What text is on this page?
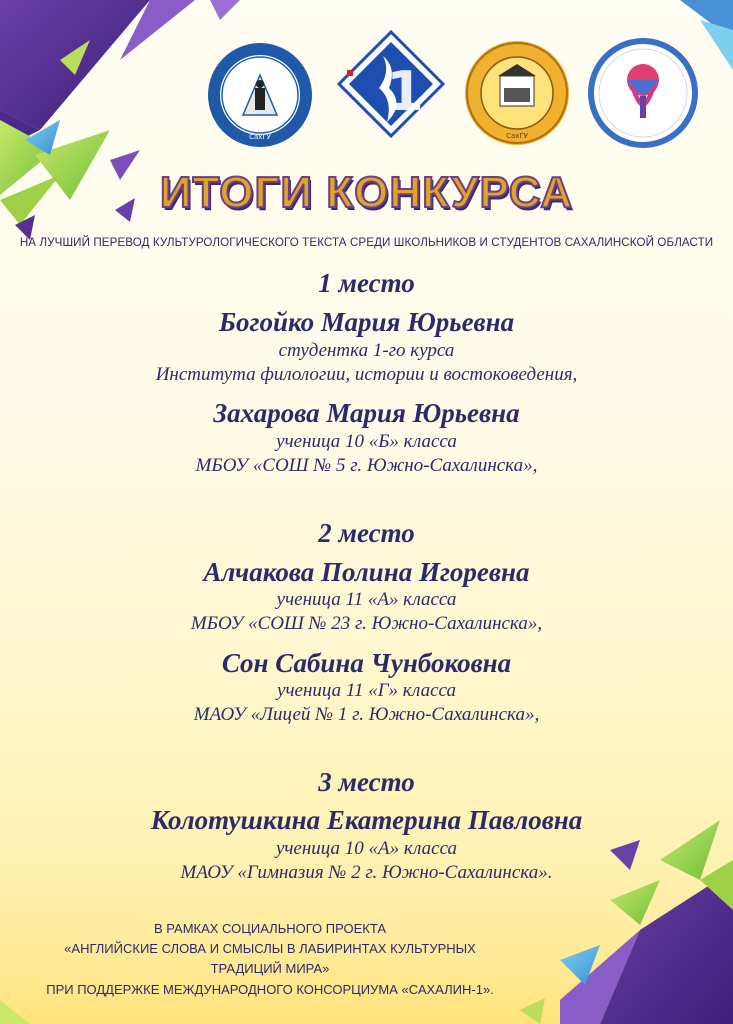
СахГУ
1
СахГУ
ИТОГИ КОНКУРСА
НА ЛУЧШИЙ ПЕРЕВОД КУЛЬТУРОЛОГИЧЕСКОГО ТЕКСТА СРЕДИ ШКОЛЬНИКОВ И СТУДЕНТОВ САХАЛИНСКОЙ ОБЛАСТИ
1 место
Богойко Мария Юрьевна
студентка 1-го курса
Института филологии, истории и востоковедения,
Захарова Мария Юрьевна
ученица 10 «Б» класса
МБОУ «СОШ № 5 г. Южно-Сахалинска»,
2 место
Алчакова Полина Игоревна
ученица 11 «А» класса
МБОУ «СОШ № 23 г. Южно-Сахалинска»,
Сон Сабина Чунбоковна
ученица 11 «Г» класса
МАОУ «Лицей № 1 г. Южно-Сахалинска»,
3 место
Колотушкина Екатерина Павловна
ученица 10 «А» класса
МАОУ «Гимназия № 2 г. Южно-Сахалинска».
В РАМКАХ СОЦИАЛЬНОГО ПРОЕКТА
«АНГЛИЙСКИЕ СЛОВА И СМЫСЛЫ В ЛАБИРИНТАХ КУЛЬТУРНЫХ
ТРАДИЦИЙ МИРА»
ПРИ ПОДДЕРЖКЕ МЕЖДУНАРОДНОГО КОНСОРЦИУМА «САХАЛИН-1».
